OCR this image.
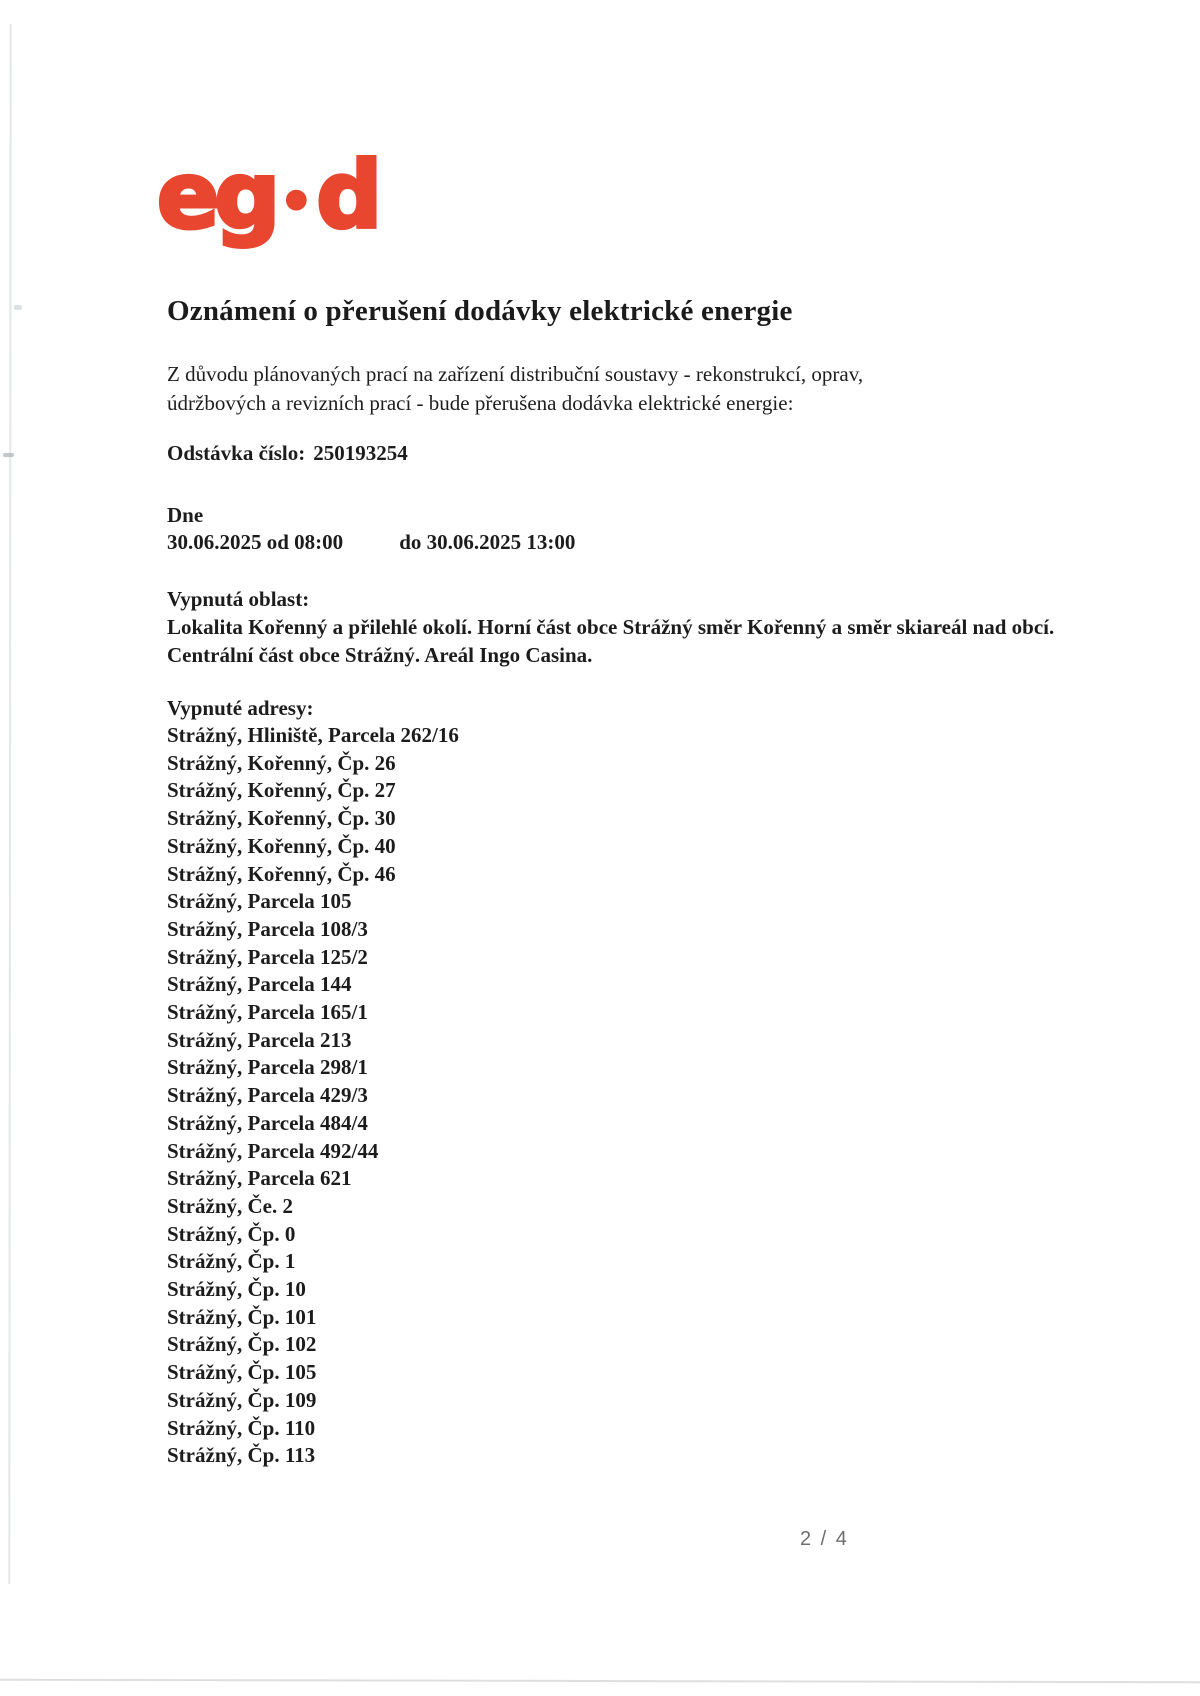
eg•d
Oznámení o přerušení dodávky elektrické energie
Z důvodu plánovaných prací na zařízení distribuční soustavy - rekonstrukcí, oprav,
údržbových a revizních prací - bude přerušena dodávka elektrické energie:
Odstávka číslo: 250193254
Dne
30.06.2025 od 08:00	do 30.06.2025 13:00
Vypnutá oblast:
Lokalita Kořenný a přilehlé okolí. Horní část obce Strážný směr Kořenný a směr skiareál nad obcí.
Centrální část obce Strážný. Areál Ingo Casina.
Vypnuté adresy:
Strážný, Hliniště, Parcela 262/16
Strážný, Kořenný, Čp. 26
Strážný, Kořenný, Čp. 27
Strážný, Kořenný, Čp. 30
Strážný, Kořenný, Čp. 40
Strážný, Kořenný, Čp. 46
Strážný, Parcela 105
Strážný, Parcela 108/3
Strážný, Parcela 125/2
Strážný, Parcela 144
Strážný, Parcela 165/1
Strážný, Parcela 213
Strážný, Parcela 298/1
Strážný, Parcela 429/3
Strážný, Parcela 484/4
Strážný, Parcela 492/44
Strážný, Parcela 621
Strážný, Če. 2
Strážný, Čp. 0
Strážný, Čp. 1
Strážný, Čp. 10
Strážný, Čp. 101
Strážný, Čp. 102
Strážný, Čp. 105
Strážný, Čp. 109
Strážný, Čp. 110
Strážný, Čp. 113
2 / 4
